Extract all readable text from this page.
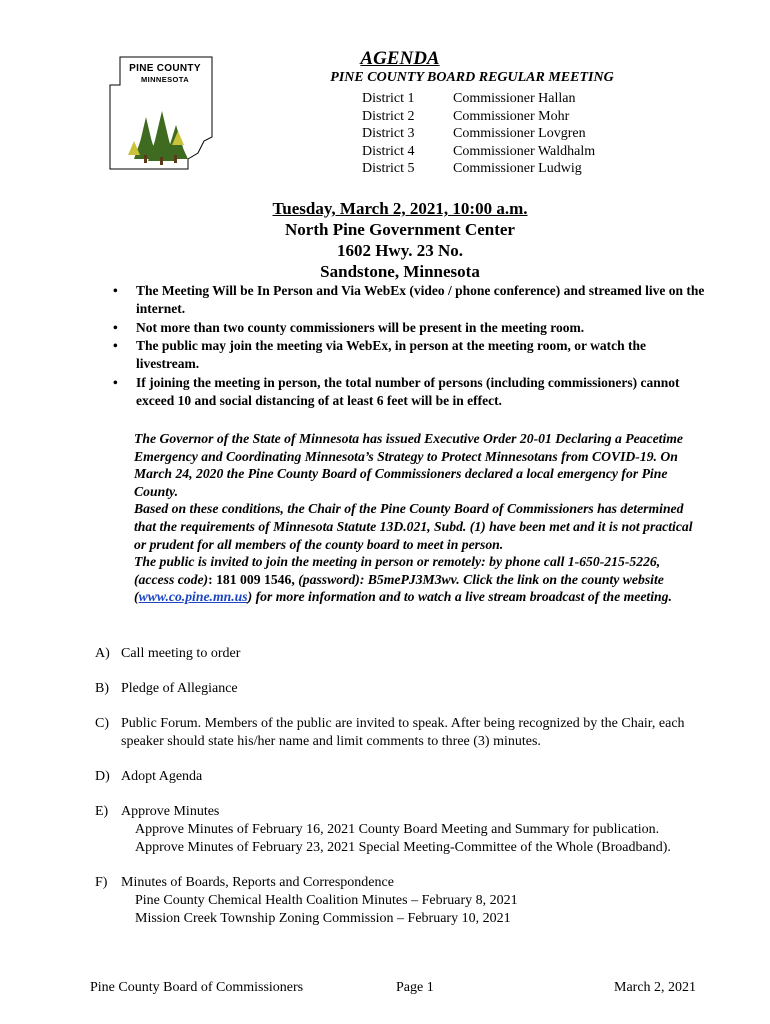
PINE COUNTY
MINNESOTA
AGENDA
PINE COUNTY BOARD REGULAR MEETING
District 1	Commissioner Hallan
District 2	Commissioner Mohr
District 3	Commissioner Lovgren
District 4	Commissioner Waldhalm
District 5	Commissioner Ludwig
Tuesday, March 2, 2021, 10:00 a.m.
North Pine Government Center
1602 Hwy. 23 No.
Sandstone, Minnesota
• The Meeting Will be In Person and Via WebEx (video / phone conference) and streamed live on the internet.
• Not more than two county commissioners will be present in the meeting room.
• The public may join the meeting via WebEx, in person at the meeting room, or watch the livestream.
• If joining the meeting in person, the total number of persons (including commissioners) cannot exceed 10 and social distancing of at least 6 feet will be in effect.
The Governor of the State of Minnesota has issued Executive Order 20-01 Declaring a Peacetime Emergency and Coordinating Minnesota’s Strategy to Protect Minnesotans from COVID-19. On March 24, 2020 the Pine County Board of Commissioners declared a local emergency for Pine County.
Based on these conditions, the Chair of the Pine County Board of Commissioners has determined that the requirements of Minnesota Statute 13D.021, Subd. (1) have been met and it is not practical or prudent for all members of the county board to meet in person.
The public is invited to join the meeting in person or remotely: by phone call 1-650-215-5226, (access code): 181 009 1546, (password): B5mePJ3M3wv. Click the link on the county website (www.co.pine.mn.us) for more information and to watch a live stream broadcast of the meeting.
A) Call meeting to order
B) Pledge of Allegiance
C) Public Forum. Members of the public are invited to speak. After being recognized by the Chair, each speaker should state his/her name and limit comments to three (3) minutes.
D) Adopt Agenda
E) Approve Minutes
Approve Minutes of February 16, 2021 County Board Meeting and Summary for publication.
Approve Minutes of February 23, 2021 Special Meeting-Committee of the Whole (Broadband).
F) Minutes of Boards, Reports and Correspondence
Pine County Chemical Health Coalition Minutes – February 8, 2021
Mission Creek Township Zoning Commission – February 10, 2021
Pine County Board of Commissioners	Page 1	March 2, 2021
